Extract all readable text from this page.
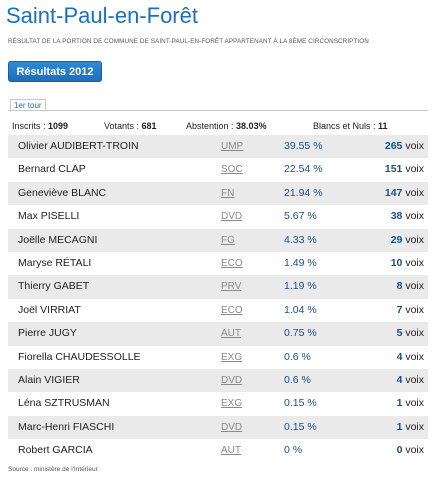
Saint-Paul-en-Forêt
RÉSULTAT DE LA PORTION DE COMMUNE DE SAINT-PAUL-EN-FORÊT APPARTENANT À LA 8ÈME CIRCONSCRIPTION
Résultats 2012
1er tour
Inscrits : 1099	Votants : 681	Abstention : 38.03%	Blancs et Nuls : 11
Olivier AUDIBERT-TROIN	UMP	39.55 %	265 voix
Bernard CLAP	SOC	22.54 %	151 voix
Geneviève BLANC	FN	21.94 %	147 voix
Max PISELLI	DVD	5.67 %	38 voix
Joëlle MECAGNI	FG	4.33 %	29 voix
Maryse RÉTALI	ECO	1.49 %	10 voix
Thierry GABET	PRV	1.19 %	8 voix
Joël VIRRIAT	ECO	1.04 %	7 voix
Pierre JUGY	AUT	0.75 %	5 voix
Fiorella CHAUDESSOLLE	EXG	0.6 %	4 voix
Alain VIGIER	DVD	0.6 %	4 voix
Léna SZTRUSMAN	EXG	0.15 %	1 voix
Marc-Henri FIASCHI	DVD	0.15 %	1 voix
Robert GARCIA	AUT	0 %	0 voix
Source : ministère de l'Intérieur
